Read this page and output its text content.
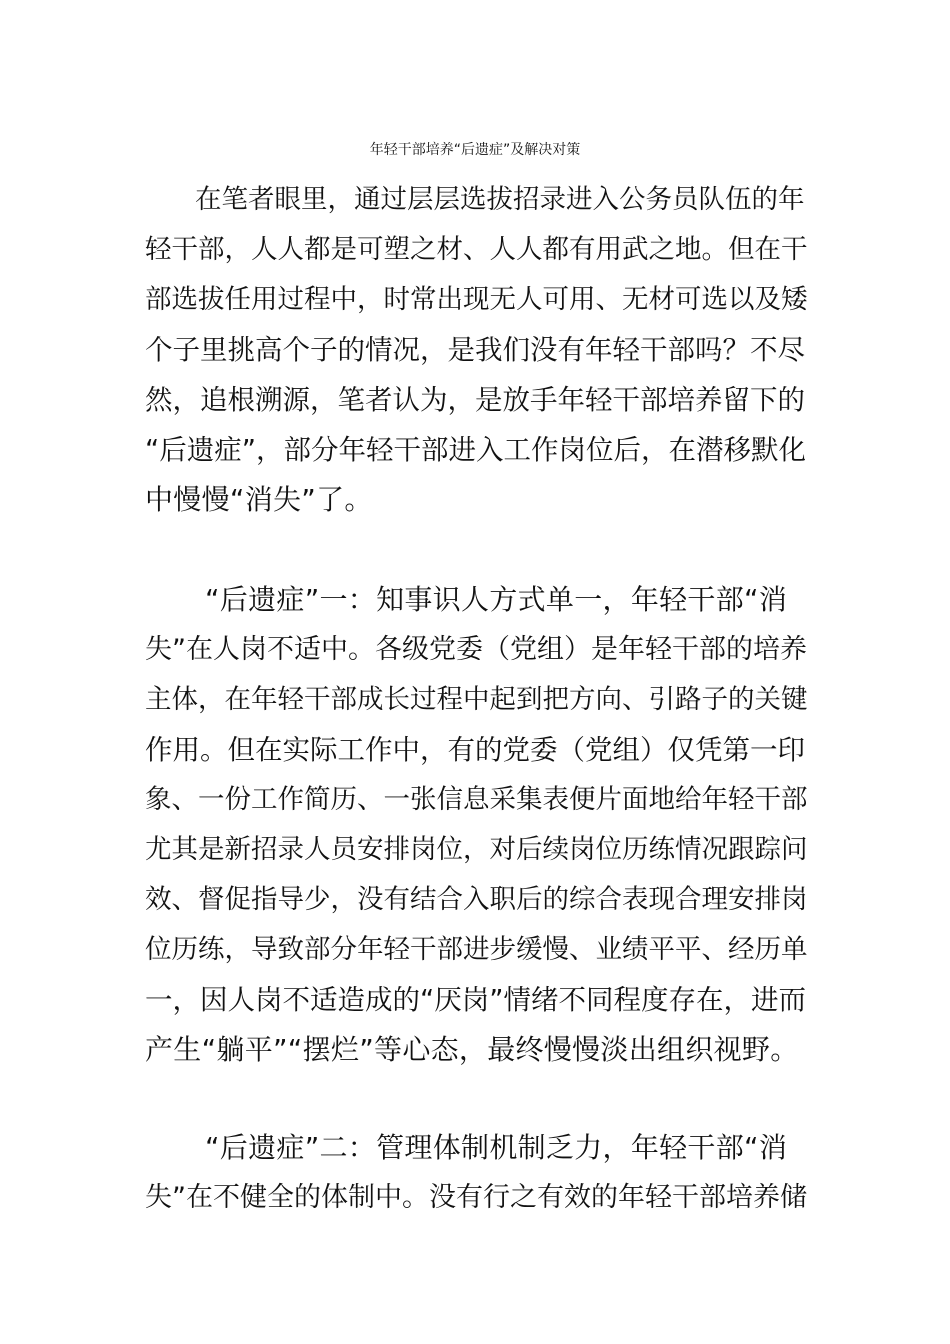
年轻干部培养“后遗症”及解决对策
在笔者眼里，通过层层选拔招录进入公务员队伍的年
轻干部，人人都是可塑之材、人人都有用武之地。但在干
部选拔任用过程中，时常出现无人可用、无材可选以及矮
个子里挑高个子的情况，是我们没有年轻干部吗？不尽
然，追根溯源，笔者认为，是放手年轻干部培养留下的
“后遗症”，部分年轻干部进入工作岗位后，在潜移默化
中慢慢“消失”了。
“后遗症”一：知事识人方式单一，年轻干部“消
失”在人岗不适中。各级党委（党组）是年轻干部的培养
主体，在年轻干部成长过程中起到把方向、引路子的关键
作用。但在实际工作中，有的党委（党组）仅凭第一印
象、一份工作简历、一张信息采集表便片面地给年轻干部
尤其是新招录人员安排岗位，对后续岗位历练情况跟踪问
效、督促指导少，没有结合入职后的综合表现合理安排岗
位历练，导致部分年轻干部进步缓慢、业绩平平、经历单
一，因人岗不适造成的“厌岗”情绪不同程度存在，进而
产生“躺平”“摆烂”等心态，最终慢慢淡出组织视野。
“后遗症”二：管理体制机制乏力，年轻干部“消
失”在不健全的体制中。没有行之有效的年轻干部培养储
